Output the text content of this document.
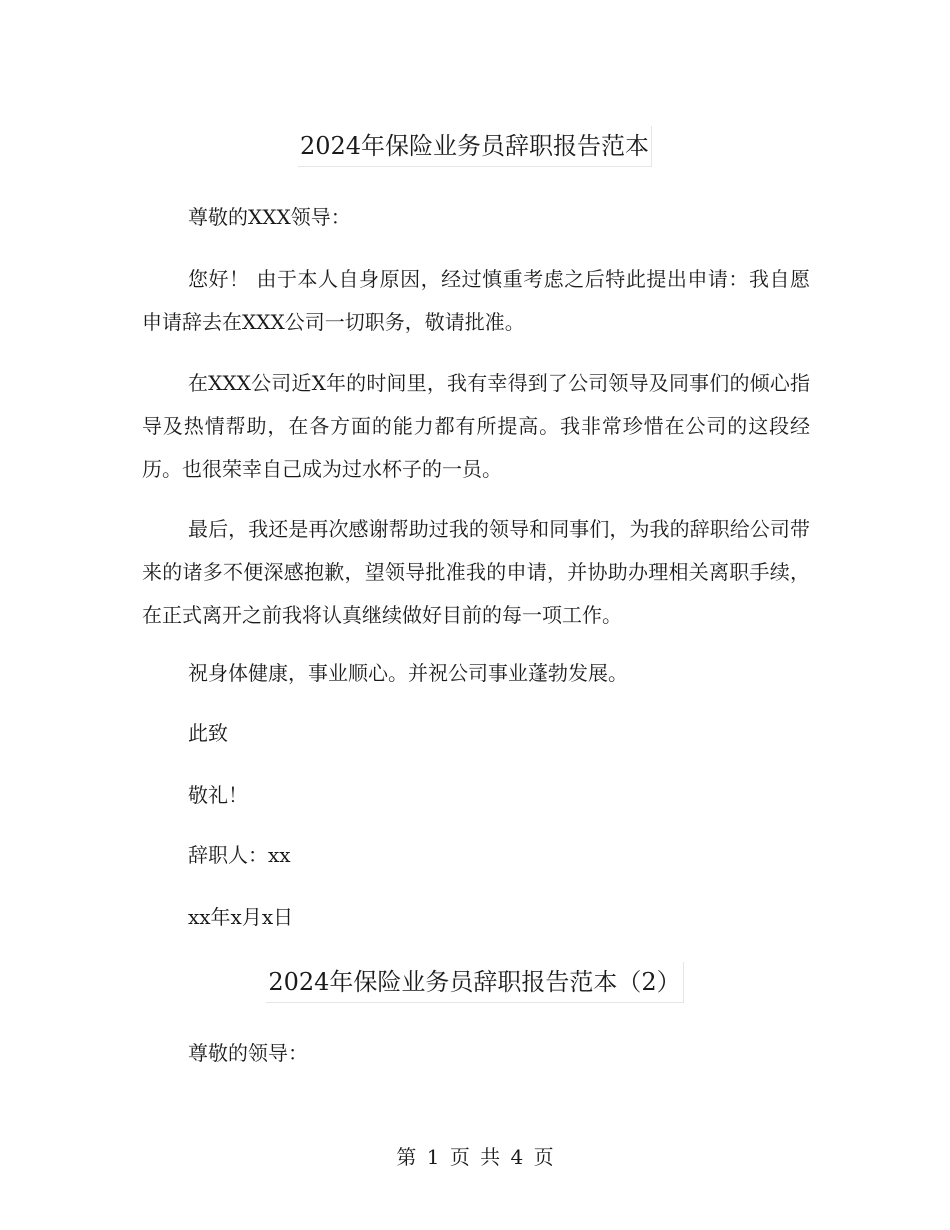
2024年保险业务员辞职报告范本

尊敬的XXX领导：

您好！ 由于本人自身原因，经过慎重考虑之后特此提出申请：我自愿申请辞去在XXX公司一切职务，敬请批准。

在XXX公司近X年的时间里，我有幸得到了公司领导及同事们的倾心指导及热情帮助，在各方面的能力都有所提高。我非常珍惜在公司的这段经历。也很荣幸自己成为过水杯子的一员。

最后，我还是再次感谢帮助过我的领导和同事们，为我的辞职给公司带来的诸多不便深感抱歉，望领导批准我的申请，并协助办理相关离职手续，在正式离开之前我将认真继续做好目前的每一项工作。

祝身体健康，事业顺心。并祝公司事业蓬勃发展。

此致

敬礼！

辞职人：xx

xx年x月x日

2024年保险业务员辞职报告范本（2）

尊敬的领导：

第 1 页 共 4 页
